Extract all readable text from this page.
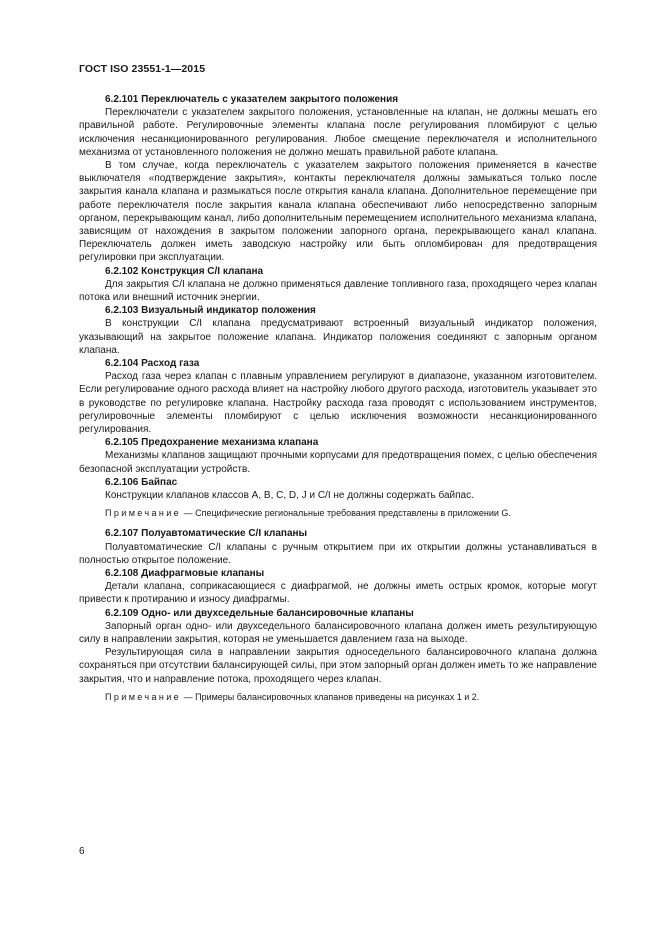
ГОСТ ISO 23551-1—2015

6.2.101 Переключатель с указателем закрытого положения

Переключатели с указателем закрытого положения, установленные на клапан, не должны мешать его правильной работе. Регулировочные элементы клапана после регулирования пломбируют с целью исключения несанкционированного регулирования. Любое смещение переключателя и исполнительного механизма от установленного положения не должно мешать правильной работе клапана.

В том случае, когда переключатель с указателем закрытого положения применяется в качестве выключателя «подтверждение закрытия», контакты переключателя должны замыкаться только после закрытия канала клапана и размыкаться после открытия канала клапана. Дополнительное перемещение при работе переключателя после закрытия канала клапана обеспечивают либо непосредственно запорным органом, перекрывающим канал, либо дополнительным перемещением исполнительного механизма клапана, зависящим от нахождения в закрытом положении запорного органа, перекрывающего канал клапана. Переключатель должен иметь заводскую настройку или быть опломбирован для предотвращения регулировки при эксплуатации.

6.2.102 Конструкция C/I клапана

Для закрытия C/I клапана не должно применяться давление топливного газа, проходящего через клапан потока или внешний источник энергии.

6.2.103 Визуальный индикатор положения

В конструкции C/I клапана предусматривают встроенный визуальный индикатор положения, указывающий на закрытое положение клапана. Индикатор положения соединяют с запорным органом клапана.

6.2.104 Расход газа

Расход газа через клапан с плавным управлением регулируют в диапазоне, указанном изготовителем. Если регулирование одного расхода влияет на настройку любого другого расхода, изготовитель указывает это в руководстве по регулировке клапана. Настройку расхода газа проводят с использованием инструментов, регулировочные элементы пломбируют с целью исключения возможности несанкционированного регулирования.

6.2.105 Предохранение механизма клапана

Механизмы клапанов защищают прочными корпусами для предотвращения помех, с целью обеспечения безопасной эксплуатации устройств.

6.2.106 Байпас

Конструкции клапанов классов A, B, C, D, J и C/I не должны содержать байпас.

Примечание — Специфические региональные требования представлены в приложении G.

6.2.107 Полуавтоматические C/I клапаны

Полуавтоматические C/I клапаны с ручным открытием при их открытии должны устанавливаться в полностью открытое положение.

6.2.108 Диафрагмовые клапаны

Детали клапана, соприкасающиеся с диафрагмой, не должны иметь острых кромок, которые могут привести к протиранию и износу диафрагмы.

6.2.109 Одно- или двухседельные балансировочные клапаны

Запорный орган одно- или двухседельного балансировочного клапана должен иметь результирующую силу в направлении закрытия, которая не уменьшается давлением газа на выходе.

Результирующая сила в направлении закрытия односедельного балансировочного клапана должна сохраняться при отсутствии балансирующей силы, при этом запорный орган должен иметь то же направление закрытия, что и направление потока, проходящего через клапан.

Примечание — Примеры балансировочных клапанов приведены на рисунках 1 и 2.

6
